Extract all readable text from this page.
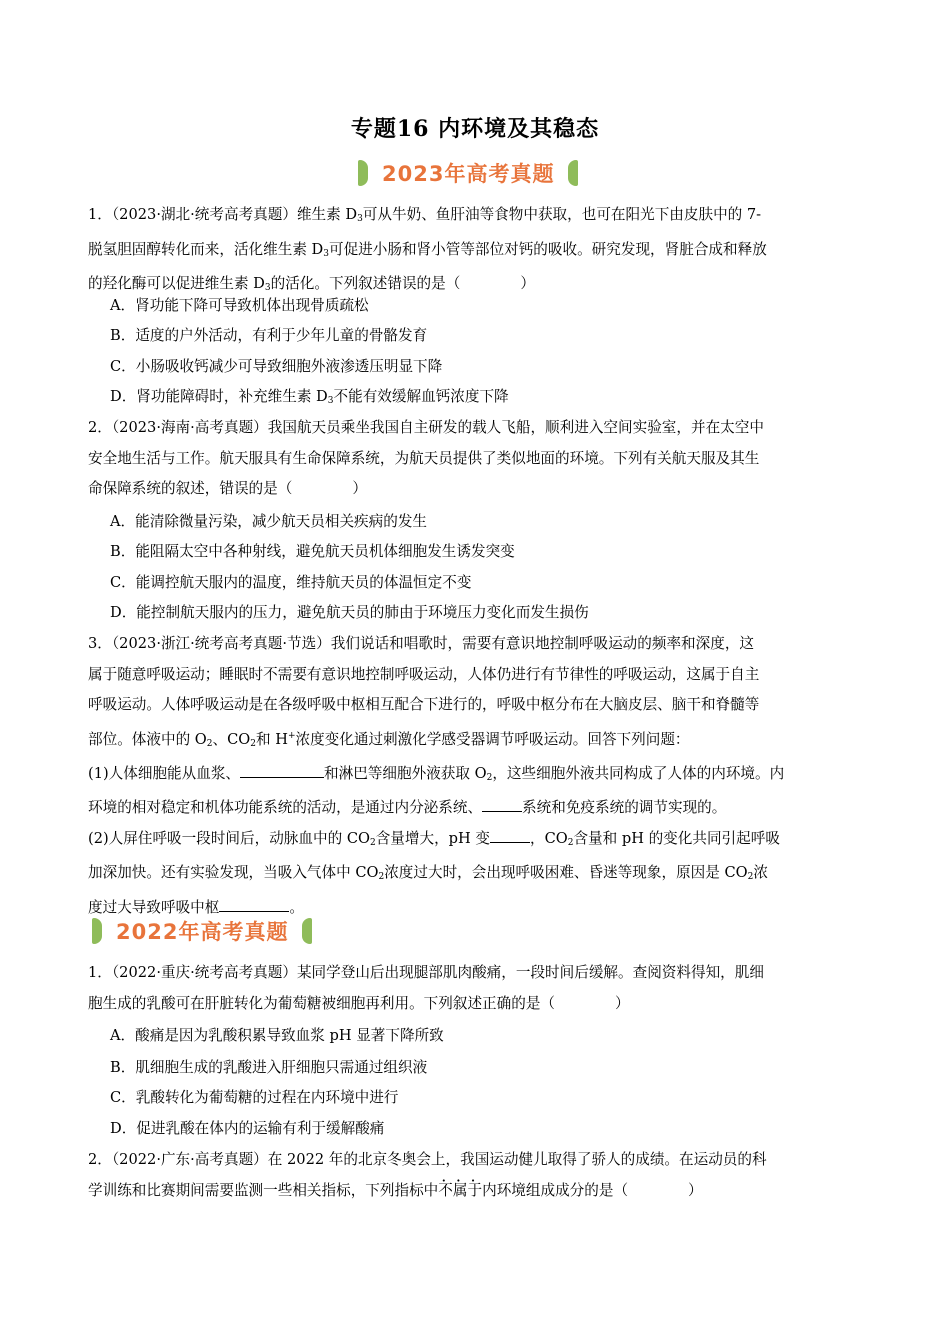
专题16 内环境及其稳态
2023年高考真题
1．（2023·湖北·统考高考真题）维生素 $D_3$可从牛奶、鱼肝油等食物中获取，也可在阳光下由皮肤中的 7-
脱氢胆固醇转化而来，活化维生素 $D_3$可促进小肠和肾小管等部位对钙的吸收。研究发现，肾脏合成和释放
的羟化酶可以促进维生素 $D_3$的活化。下列叙述错误的是（	）
A．肾功能下降可导致机体出现骨质疏松
B．适度的户外活动，有利于少年儿童的骨骼发育
C．小肠吸收钙减少可导致细胞外液渗透压明显下降
D．肾功能障碍时，补充维生素 $D_3$不能有效缓解血钙浓度下降
2．（2023·海南·高考真题）我国航天员乘坐我国自主研发的载人飞船，顺利进入空间实验室，并在太空中
安全地生活与工作。航天服具有生命保障系统，为航天员提供了类似地面的环境。下列有关航天服及其生
命保障系统的叙述，错误的是（	）
A．能清除微量污染，减少航天员相关疾病的发生
B．能阻隔太空中各种射线，避免航天员机体细胞发生诱发突变
C．能调控航天服内的温度，维持航天员的体温恒定不变
D．能控制航天服内的压力，避免航天员的肺由于环境压力变化而发生损伤
3．（2023·浙江·统考高考真题·节选）我们说话和唱歌时，需要有意识地控制呼吸运动的频率和深度，这
属于随意呼吸运动；睡眠时不需要有意识地控制呼吸运动，人体仍进行有节律性的呼吸运动，这属于自主
呼吸运动。人体呼吸运动是在各级呼吸中枢相互配合下进行的，呼吸中枢分布在大脑皮层、脑干和脊髓等
部位。体液中的 $O_2$、$CO_2$和 H+浓度变化通过刺激化学感受器调节呼吸运动。回答下列问题：
(1)人体细胞能从血浆、	和淋巴等细胞外液获取 $O_2$，这些细胞外液共同构成了人体的内环境。内
环境的相对稳定和机体功能系统的活动，是通过内分泌系统、	系统和免疫系统的调节实现的。
(2)人屏住呼吸一段时间后，动脉血中的 $CO_2$含量增大，pH 变	，$CO_2$含量和 pH 的变化共同引起呼吸
加深加快。还有实验发现，当吸入气体中 $CO_2$浓度过大时，会出现呼吸困难、昏迷等现象，原因是 $CO_2$浓
度过大导致呼吸中枢	。
2022年高考真题
1．（2022·重庆·统考高考真题）某同学登山后出现腿部肌肉酸痛，一段时间后缓解。查阅资料得知，肌细
胞生成的乳酸可在肝脏转化为葡萄糖被细胞再利用。下列叙述正确的是（	）
A．酸痛是因为乳酸积累导致血浆 pH 显著下降所致
B．肌细胞生成的乳酸进入肝细胞只需通过组织液
C．乳酸转化为葡萄糖的过程在内环境中进行
D．促进乳酸在体内的运输有利于缓解酸痛
2．（2022·广东·高考真题）在 2022 年的北京冬奥会上，我国运动健儿取得了骄人的成绩。在运动员的科
学训练和比赛期间需要监测一些相关指标，下列指标中不属于内环境组成成分的是（	）
